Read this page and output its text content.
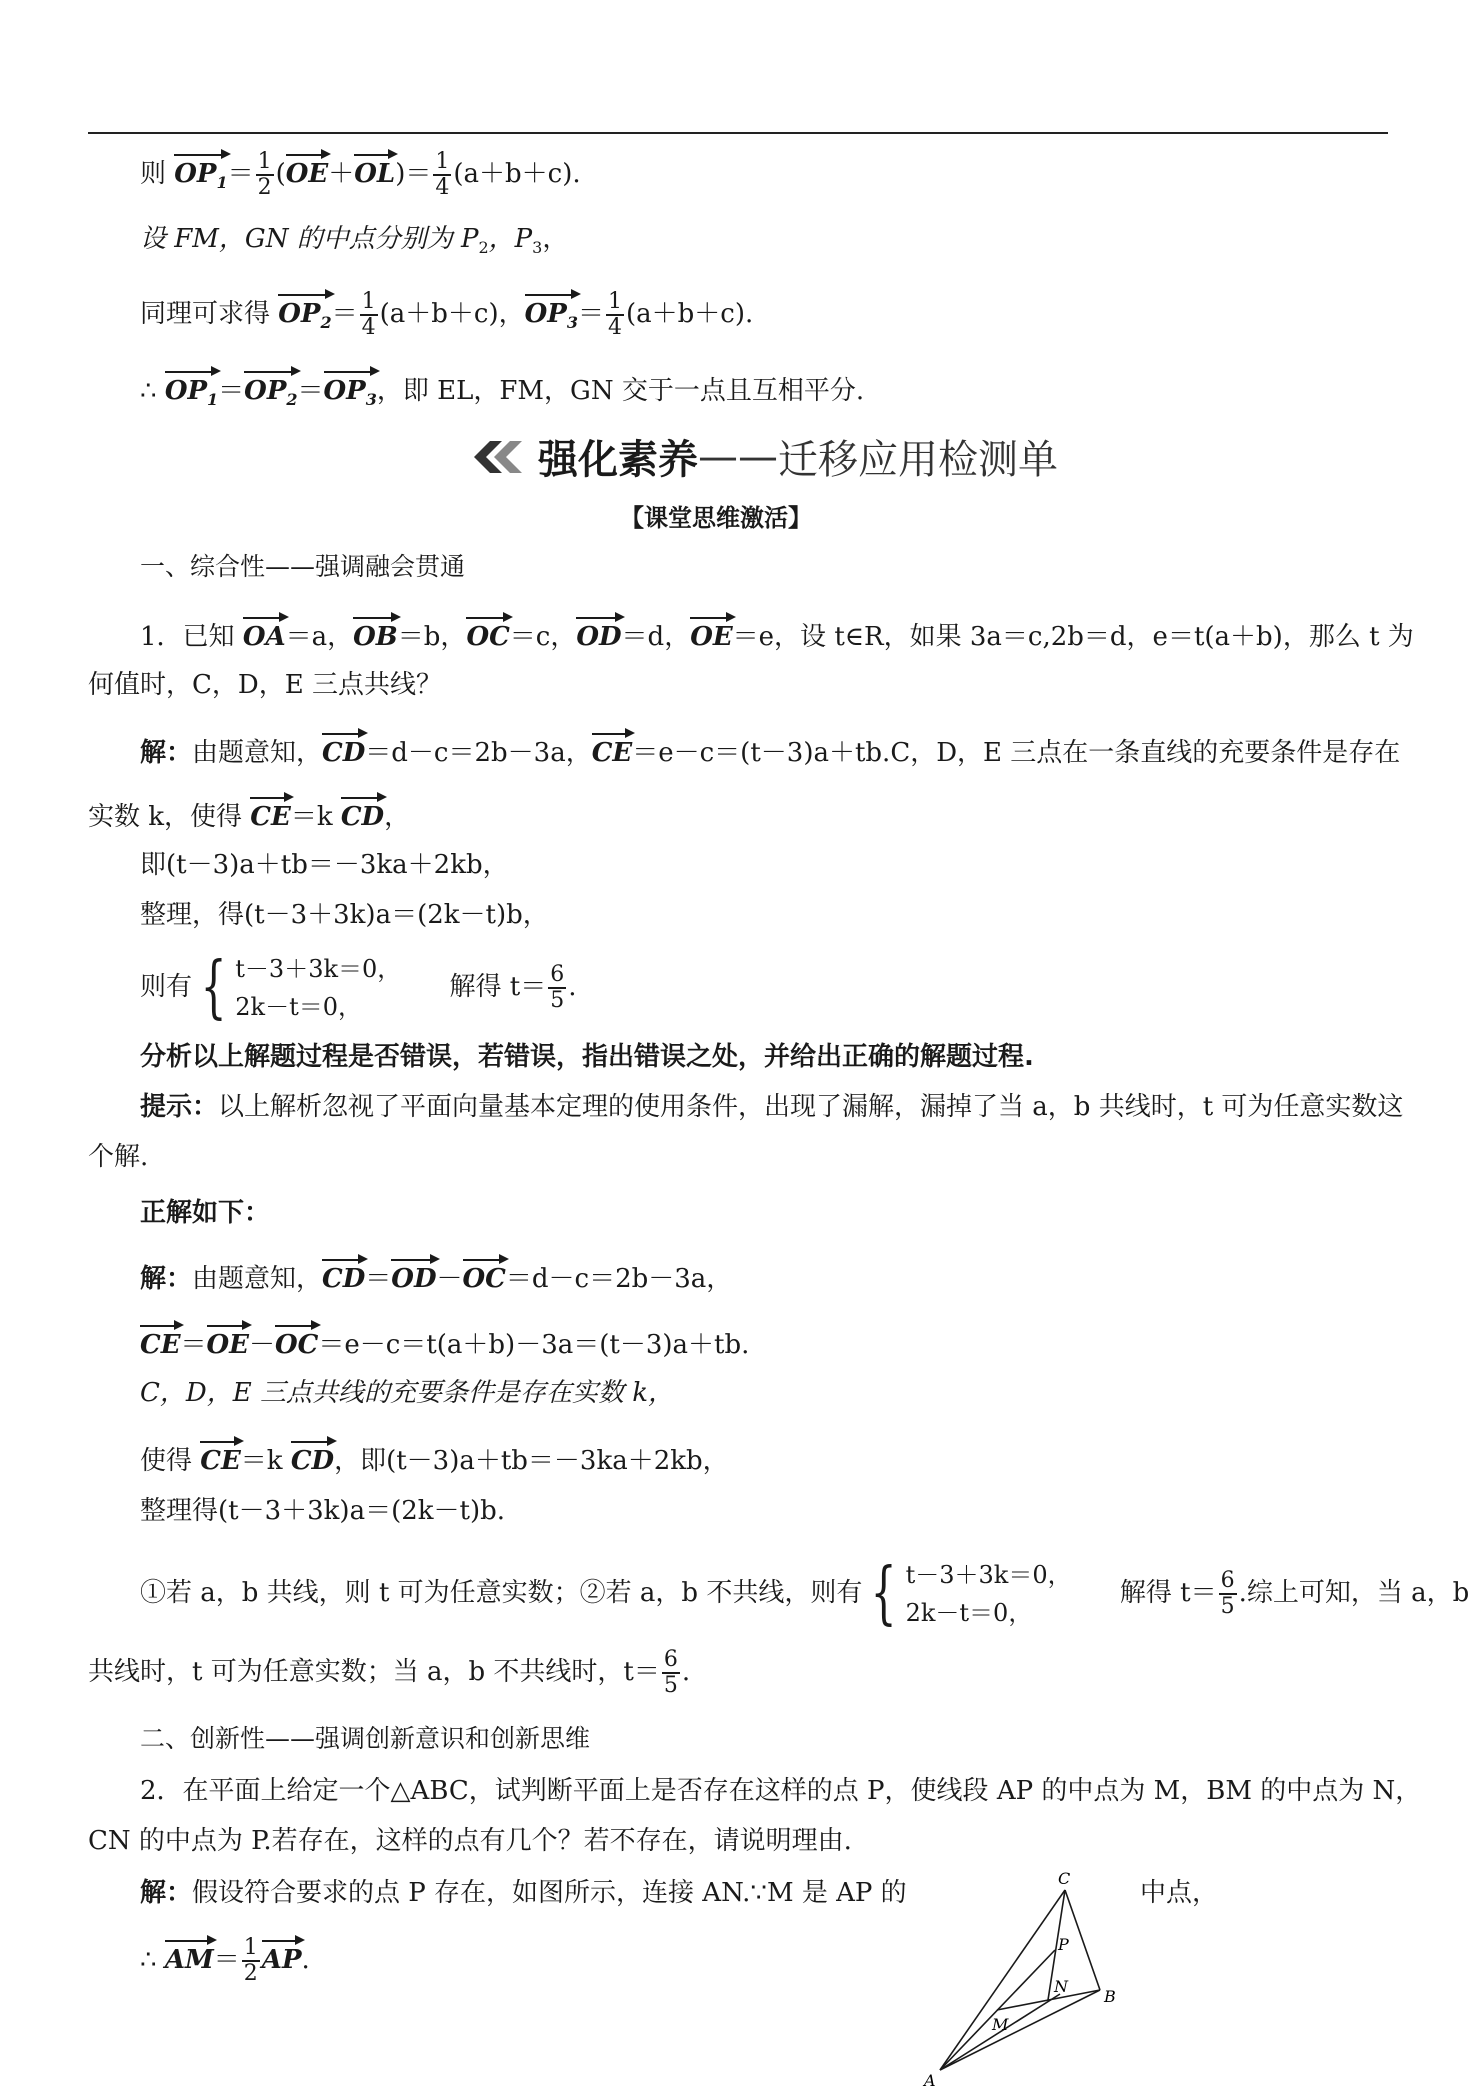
则 $OP_1= \frac{1}{2} (OE+OL)= \frac{1}{4} (a+b+c)$.
设 FM，GN 的中点分别为 $P_2$，$P_3$，
同理可求得 $OP_2= \frac{1}{4} (a+b+c)$，$OP_3= \frac{1}{4} (a+b+c)$.
∴ $OP_1=OP_2=OP_3$，即 EL，FM，GN 交于一点且互相平分.
强化素养 —— 迁移应用检测单
【课堂思维激活】
一、综合性——强调融会贯通
1．已知 OA＝a，OB＝b，OC＝c，OD＝d，OE＝e，设 t∈R，如果 3a＝c,2b＝d，e＝t(a＋b)，那么 t 为
何值时，C，D，E 三点共线？
解：由题意知，CD＝d－c＝2b－3a，CE＝e－c＝(t－3)a＋tb.C，D，E 三点在一条直线的充要条件是存在
实数 k，使得 CE＝k CD，
即(t－3)a＋tb＝－3ka＋2kb，
整理，得(t－3＋3k)a＝(2k－t)b，
则有 { t－3＋3k＝0，
2k－t＝0，
解得 $t= \frac{6}{5}$ .
分析以上解题过程是否错误，若错误，指出错误之处，并给出正确的解题过程.
提示：以上解析忽视了平面向量基本定理的使用条件，出现了漏解，漏掉了当 a，b 共线时，t 可为任意实数这
个解.
正解如下：
解：由题意知，CD＝OD－OC＝d－c＝2b－3a，
CE＝OE－OC＝e－c＝t(a＋b)－3a＝(t－3)a＋tb.
C，D，E 三点共线的充要条件是存在实数 k，
使得 CE＝k CD，即(t－3)a＋tb＝－3ka＋2kb，
整理得(t－3＋3k)a＝(2k－t)b.
①若 a，b 共线，则 t 可为任意实数；②若 a，b 不共线，则有 { t－3＋3k＝0，
2k－t＝0，
解得 $t= \frac{6}{5}$ .综上可知，当 a，b
共线时，t 可为任意实数；当 a，b 不共线时，$t= \frac{6}{5}$ .
二、创新性——强调创新意识和创新思维
2．在平面上给定一个△ABC，试判断平面上是否存在这样的点 P，使线段 AP 的中点为 M，BM 的中点为 N，
CN 的中点为 P.若存在，这样的点有几个？若不存在，请说明理由.
解：假设符合要求的点 P 存在，如图所示，连接 AN.∵M 是 AP 的	中点，
∴ $AM= \frac{1}{2}$ AP.
C
B
A
P
M
N
